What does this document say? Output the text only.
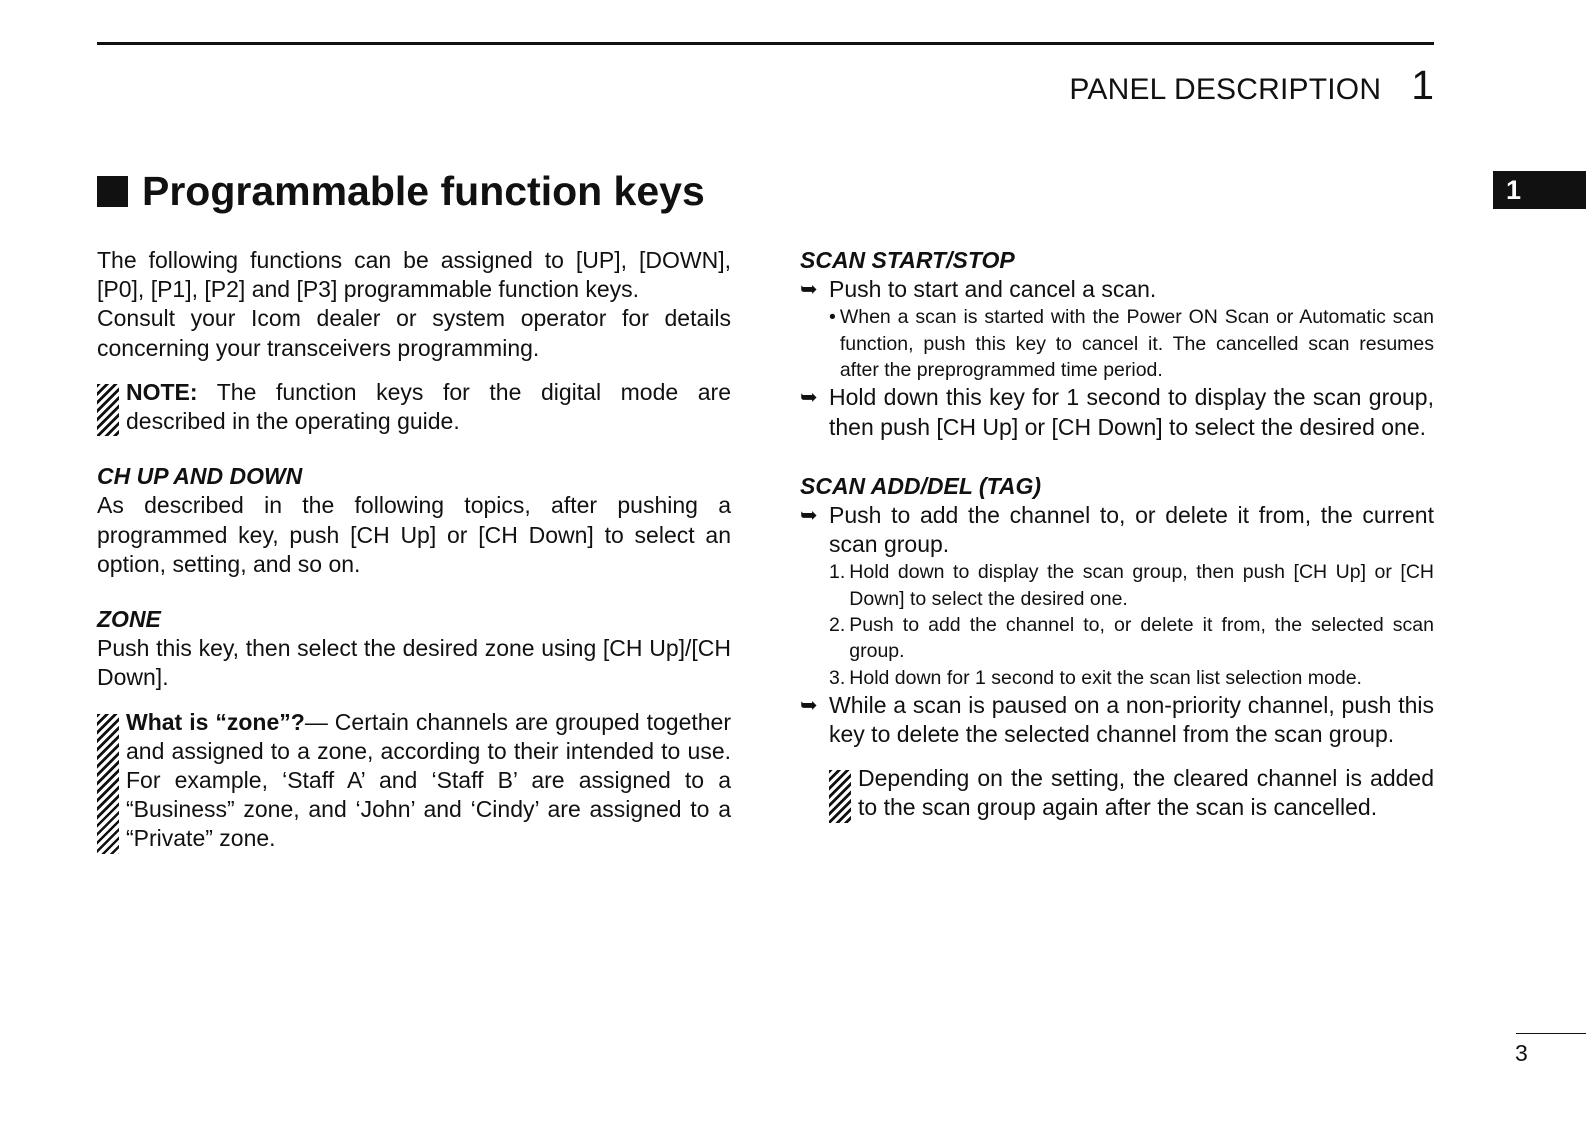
PANEL DESCRIPTION 1
1
Programmable function keys

The following functions can be assigned to [UP], [DOWN], [P0], [P1], [P2] and [P3] programmable function keys.

Consult your Icom dealer or system operator for details concerning your transceivers programming.

NOTE: The function keys for the digital mode are described in the operating guide.

CH UP AND DOWN

As described in the following topics, after pushing a programmed key, push [CH Up] or [CH Down] to select an option, setting, and so on.

ZONE

Push this key, then select the desired zone using [CH Up]/[CH Down].

What is “zone”?— Certain channels are grouped together and assigned to a zone, according to their intended to use. For example, ‘Staff A’ and ‘Staff B’ are assigned to a “Business” zone, and ‘John’ and ‘Cindy’ are assigned to a “Private” zone.

SCAN START/STOP

➥ Push to start and cancel a scan.
• When a scan is started with the Power ON Scan or Automatic scan function, push this key to cancel it. The cancelled scan resumes after the preprogrammed time period.
➥ Hold down this key for 1 second to display the scan group, then push [CH Up] or [CH Down] to select the desired one.

SCAN ADD/DEL (TAG)

➥ Push to add the channel to, or delete it from, the current scan group.
1. Hold down to display the scan group, then push [CH Up] or [CH Down] to select the desired one.
2. Push to add the channel to, or delete it from, the selected scan group.
3. Hold down for 1 second to exit the scan list selection mode.
➥ While a scan is paused on a non-priority channel, push this key to delete the selected channel from the scan group.
Depending on the setting, the cleared channel is added to the scan group again after the scan is cancelled.
3
